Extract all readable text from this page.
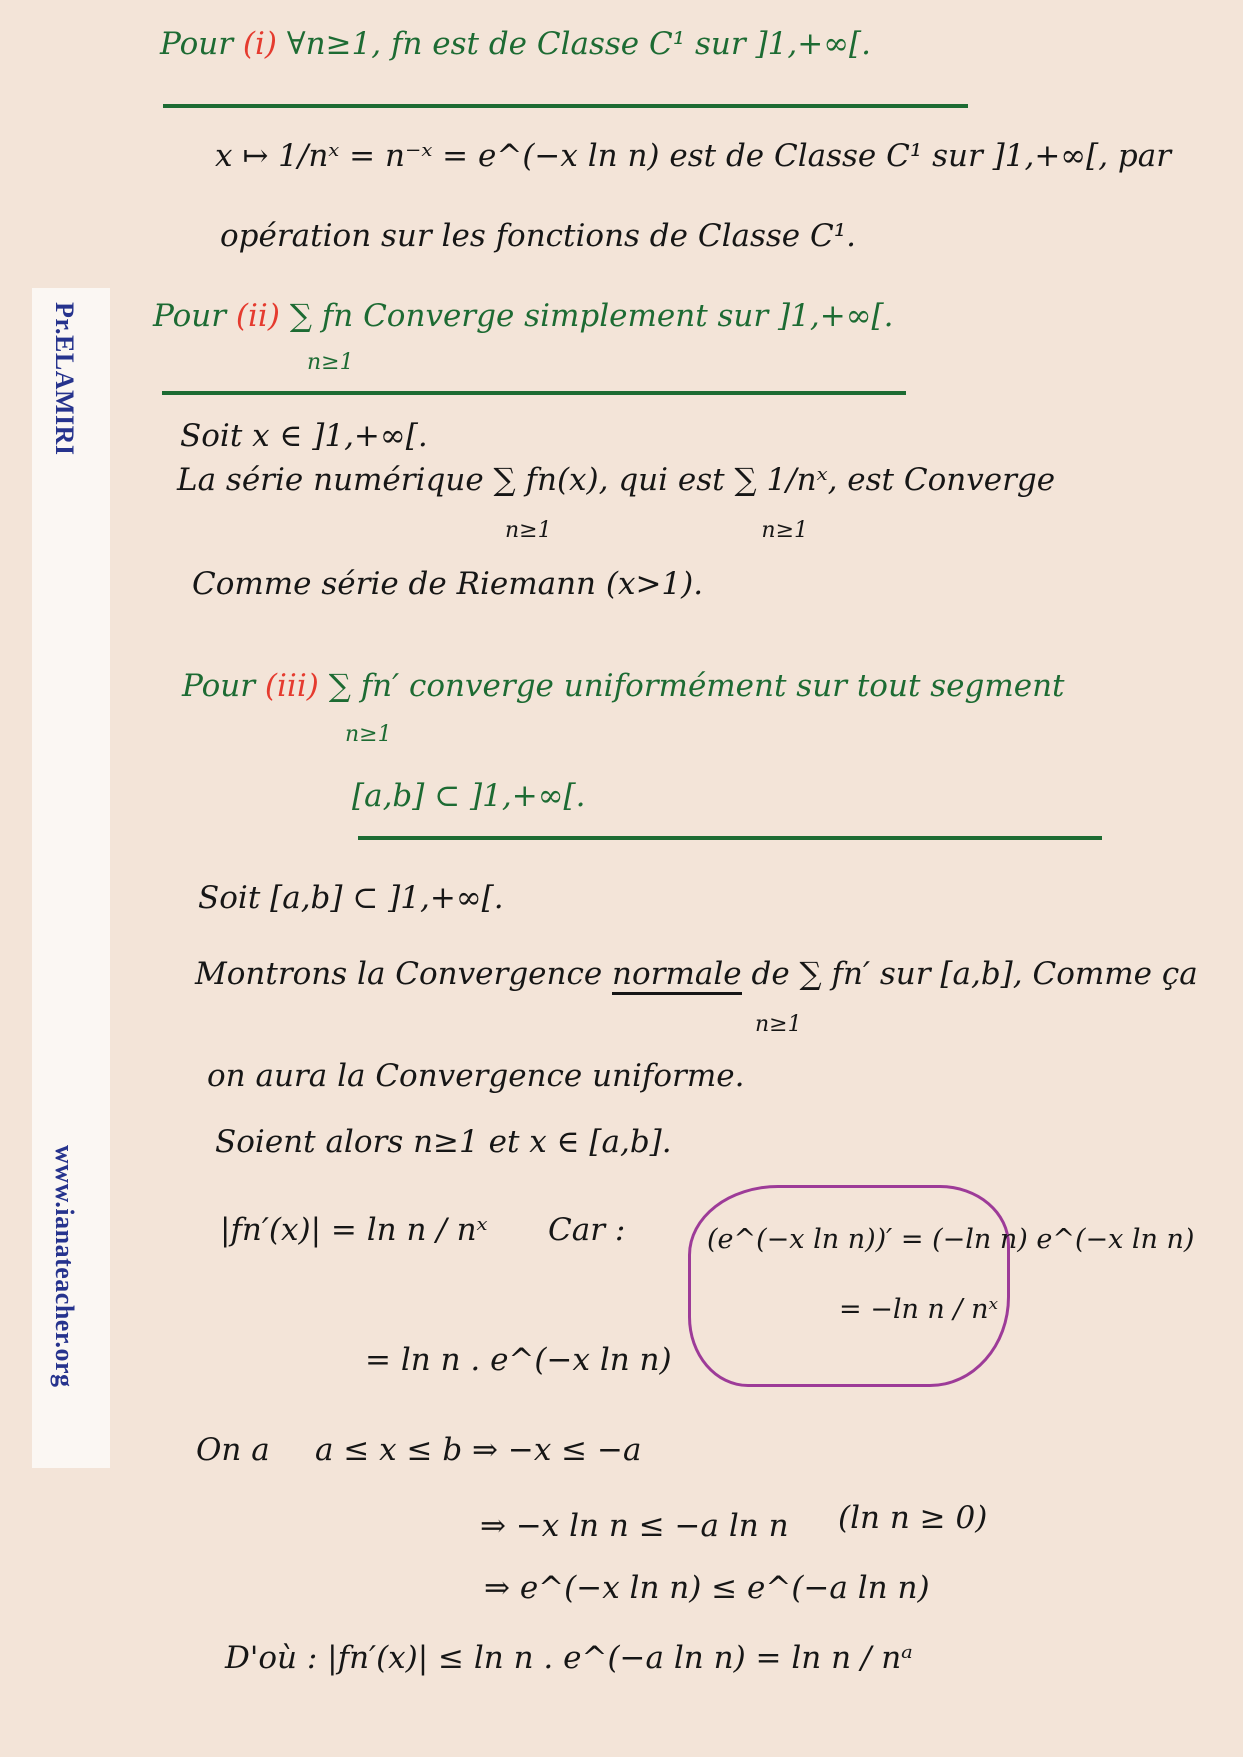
Pr.ELAMIRI
www.ianateacher.org
Pour (i) ∀n≥1, fn est de Classe C¹ sur ]1,+∞[.
x ↦ 1/nˣ = n⁻ˣ = e^(−x ln n) est de Classe C¹ sur ]1,+∞[, par
opération sur les fonctions de Classe C¹.
Pour (ii) ∑ fn Converge simplement sur ]1,+∞[.
n≥1
Soit x ∈ ]1,+∞[.
La série numérique ∑ fn(x), qui est ∑ 1/nˣ, est Converge
n≥1                              n≥1
Comme série de Riemann (x>1).
Pour (iii) ∑ fn′ converge uniformément sur tout segment
n≥1
[a,b] ⊂ ]1,+∞[.
Soit [a,b] ⊂ ]1,+∞[.
Montrons la Convergence normale de ∑ fn′ sur [a,b], Comme ça
n≥1
on aura la Convergence uniforme.
Soient alors n≥1 et x ∈ [a,b].
|fn′(x)| = ln n / nˣ Car :
= ln n . e^(−x ln n)
(e^(−x ln n))′ = (−ln n) e^(−x ln n)
= −ln n / nˣ
On a a ≤ x ≤ b ⇒ −x ≤ −a
⇒ −x ln n ≤ −a ln n (ln n ≥ 0)
⇒ e^(−x ln n) ≤ e^(−a ln n)
D'où : |fn′(x)| ≤ ln n . e^(−a ln n) = ln n / nᵃ
